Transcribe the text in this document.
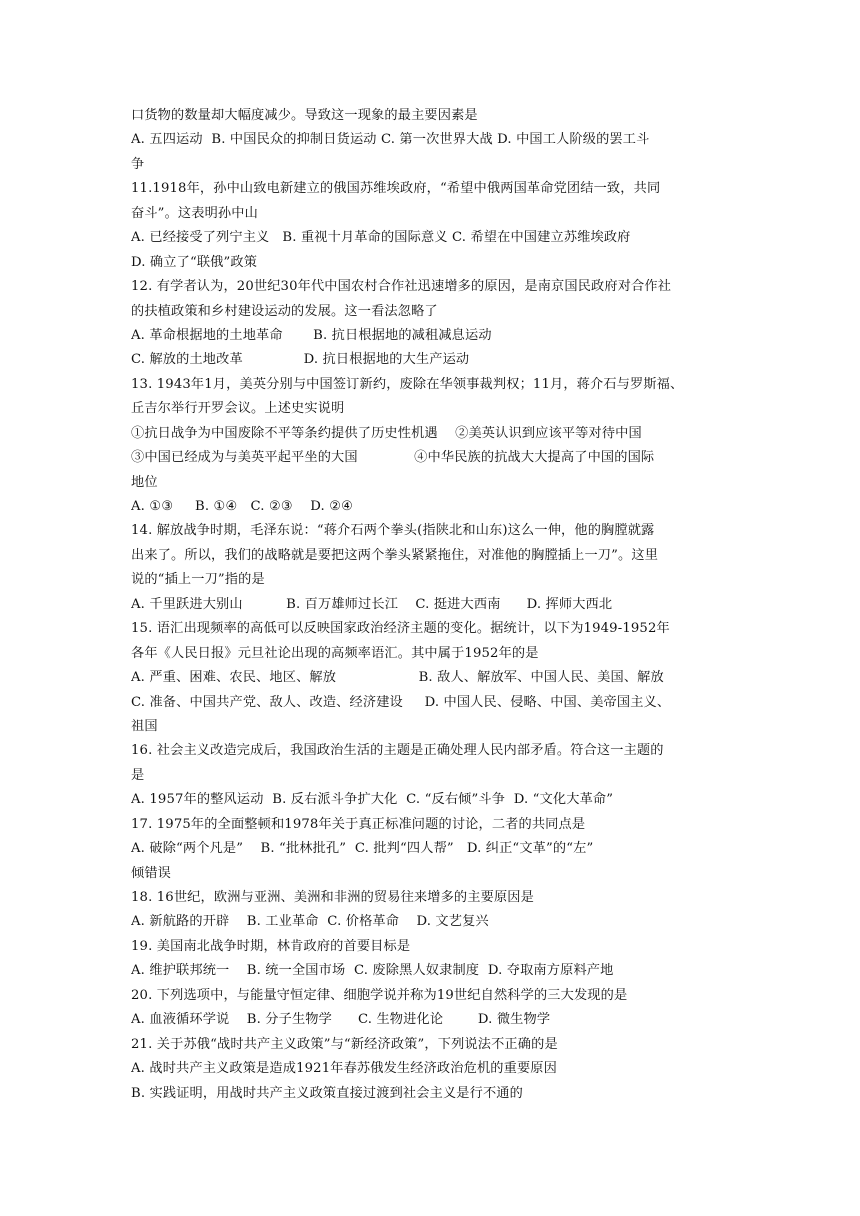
口货物的数量却大幅度减少。导致这一现象的最主要因素是
A. 五四运动  B. 中国民众的抑制日货运动 C. 第一次世界大战 D. 中国工人阶级的罢工斗
争
11.1918年，孙中山致电新建立的俄国苏维埃政府，“希望中俄两国革命党团结一致，共同
奋斗”。这表明孙中山
A. 已经接受了列宁主义   B. 重视十月革命的国际意义 C. 希望在中国建立苏维埃政府
D. 确立了“联俄”政策
12. 有学者认为，20世纪30年代中国农村合作社迅速增多的原因，是南京国民政府对合作社
的扶植政策和乡村建设运动的发展。这一看法忽略了
A. 革命根据地的土地革命       B. 抗日根据地的减租减息运动
C. 解放的土地改革              D. 抗日根据地的大生产运动
13. 1943年1月，美英分别与中国签订新约，废除在华领事裁判权；11月，蒋介石与罗斯福、
丘吉尔举行开罗会议。上述史实说明
①抗日战争为中国废除不平等条约提供了历史性机遇    ②美英认识到应该平等对待中国
③中国已经成为与美英平起平坐的大国             ④中华民族的抗战大大提高了中国的国际
地位
A. ①③     B. ①④   C. ②③    D. ②④
14. 解放战争时期，毛泽东说：“蒋介石两个拳头(指陕北和山东)这么一伸，他的胸膛就露
出来了。所以，我们的战略就是要把这两个拳头紧紧拖住，对准他的胸膛插上一刀”。这里
说的“插上一刀”指的是
A. 千里跃进大别山          B. 百万雄师过长江    C. 挺进大西南      D. 挥师大西北
15. 语汇出现频率的高低可以反映国家政治经济主题的变化。据统计，以下为1949-1952年
各年《人民日报》元旦社论出现的高频率语汇。其中属于1952年的是
A. 严重、困难、农民、地区、解放                   B. 敌人、解放军、中国人民、美国、解放
C. 准备、中国共产党、敌人、改造、经济建设     D. 中国人民、侵略、中国、美帝国主义、
祖国
16. 社会主义改造完成后，我国政治生活的主题是正确处理人民内部矛盾。符合这一主题的
是
A. 1957年的整风运动  B. 反右派斗争扩大化  C. “反右倾”斗争  D. “文化大革命”
17. 1975年的全面整顿和1978年关于真正标准问题的讨论，二者的共同点是
A. 破除“两个凡是”    B. “批林批孔”  C. 批判“四人帮”   D. 纠正“文革”的“左”
倾错误
18. 16世纪，欧洲与亚洲、美洲和非洲的贸易往来增多的主要原因是
A. 新航路的开辟    B. 工业革命  C. 价格革命    D. 文艺复兴
19. 美国南北战争时期，林肯政府的首要目标是
A. 维护联邦统一    B. 统一全国市场  C. 废除黑人奴隶制度  D. 夺取南方原料产地
20. 下列选项中，与能量守恒定律、细胞学说并称为19世纪自然科学的三大发现的是
A. 血液循环学说    B. 分子生物学      C. 生物进化论        D. 微生物学
21. 关于苏俄“战时共产主义政策”与“新经济政策”，下列说法不正确的是
A. 战时共产主义政策是造成1921年春苏俄发生经济政治危机的重要原因
B. 实践证明，用战时共产主义政策直接过渡到社会主义是行不通的
